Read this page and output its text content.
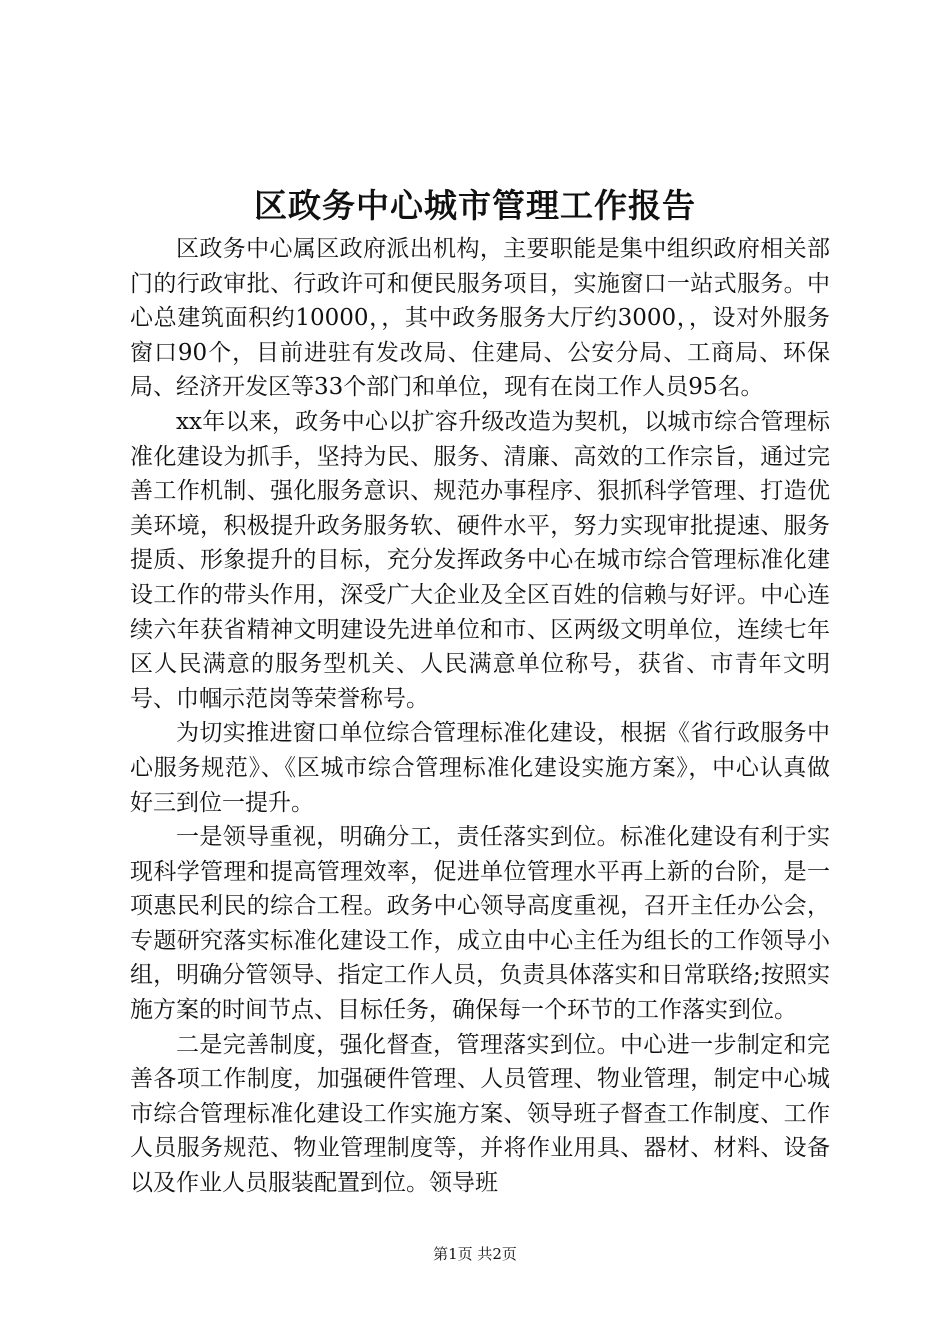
区政务中心城市管理工作报告

区政务中心属区政府派出机构，主要职能是集中组织政府相关部门的行政审批、行政许可和便民服务项目，实施窗口一站式服务。中心总建筑面积约10000，，其中政务服务大厅约3000，，设对外服务窗口90个，目前进驻有发改局、住建局、公安分局、工商局、环保局、经济开发区等33个部门和单位，现有在岗工作人员95名。

xx年以来，政务中心以扩容升级改造为契机，以城市综合管理标准化建设为抓手，坚持为民、服务、清廉、高效的工作宗旨，通过完善工作机制、强化服务意识、规范办事程序、狠抓科学管理、打造优美环境，积极提升政务服务软、硬件水平，努力实现审批提速、服务提质、形象提升的目标，充分发挥政务中心在城市综合管理标准化建设工作的带头作用，深受广大企业及全区百姓的信赖与好评。中心连续六年获省精神文明建设先进单位和市、区两级文明单位，连续七年区人民满意的服务型机关、人民满意单位称号，获省、市青年文明号、巾帼示范岗等荣誉称号。

为切实推进窗口单位综合管理标准化建设，根据《省行政服务中心服务规范》、《区城市综合管理标准化建设实施方案》，中心认真做好三到位一提升。

一是领导重视，明确分工，责任落实到位。标准化建设有利于实现科学管理和提高管理效率，促进单位管理水平再上新的台阶，是一项惠民利民的综合工程。政务中心领导高度重视，召开主任办公会，专题研究落实标准化建设工作，成立由中心主任为组长的工作领导小组，明确分管领导、指定工作人员，负责具体落实和日常联络;按照实施方案的时间节点、目标任务，确保每一个环节的工作落实到位。

二是完善制度，强化督查，管理落实到位。中心进一步制定和完善各项工作制度，加强硬件管理、人员管理、物业管理，制定中心城市综合管理标准化建设工作实施方案、领导班子督查工作制度、工作人员服务规范、物业管理制度等，并将作业用具、器材、材料、设备以及作业人员服装配置到位。领导班

第1页 共2页
